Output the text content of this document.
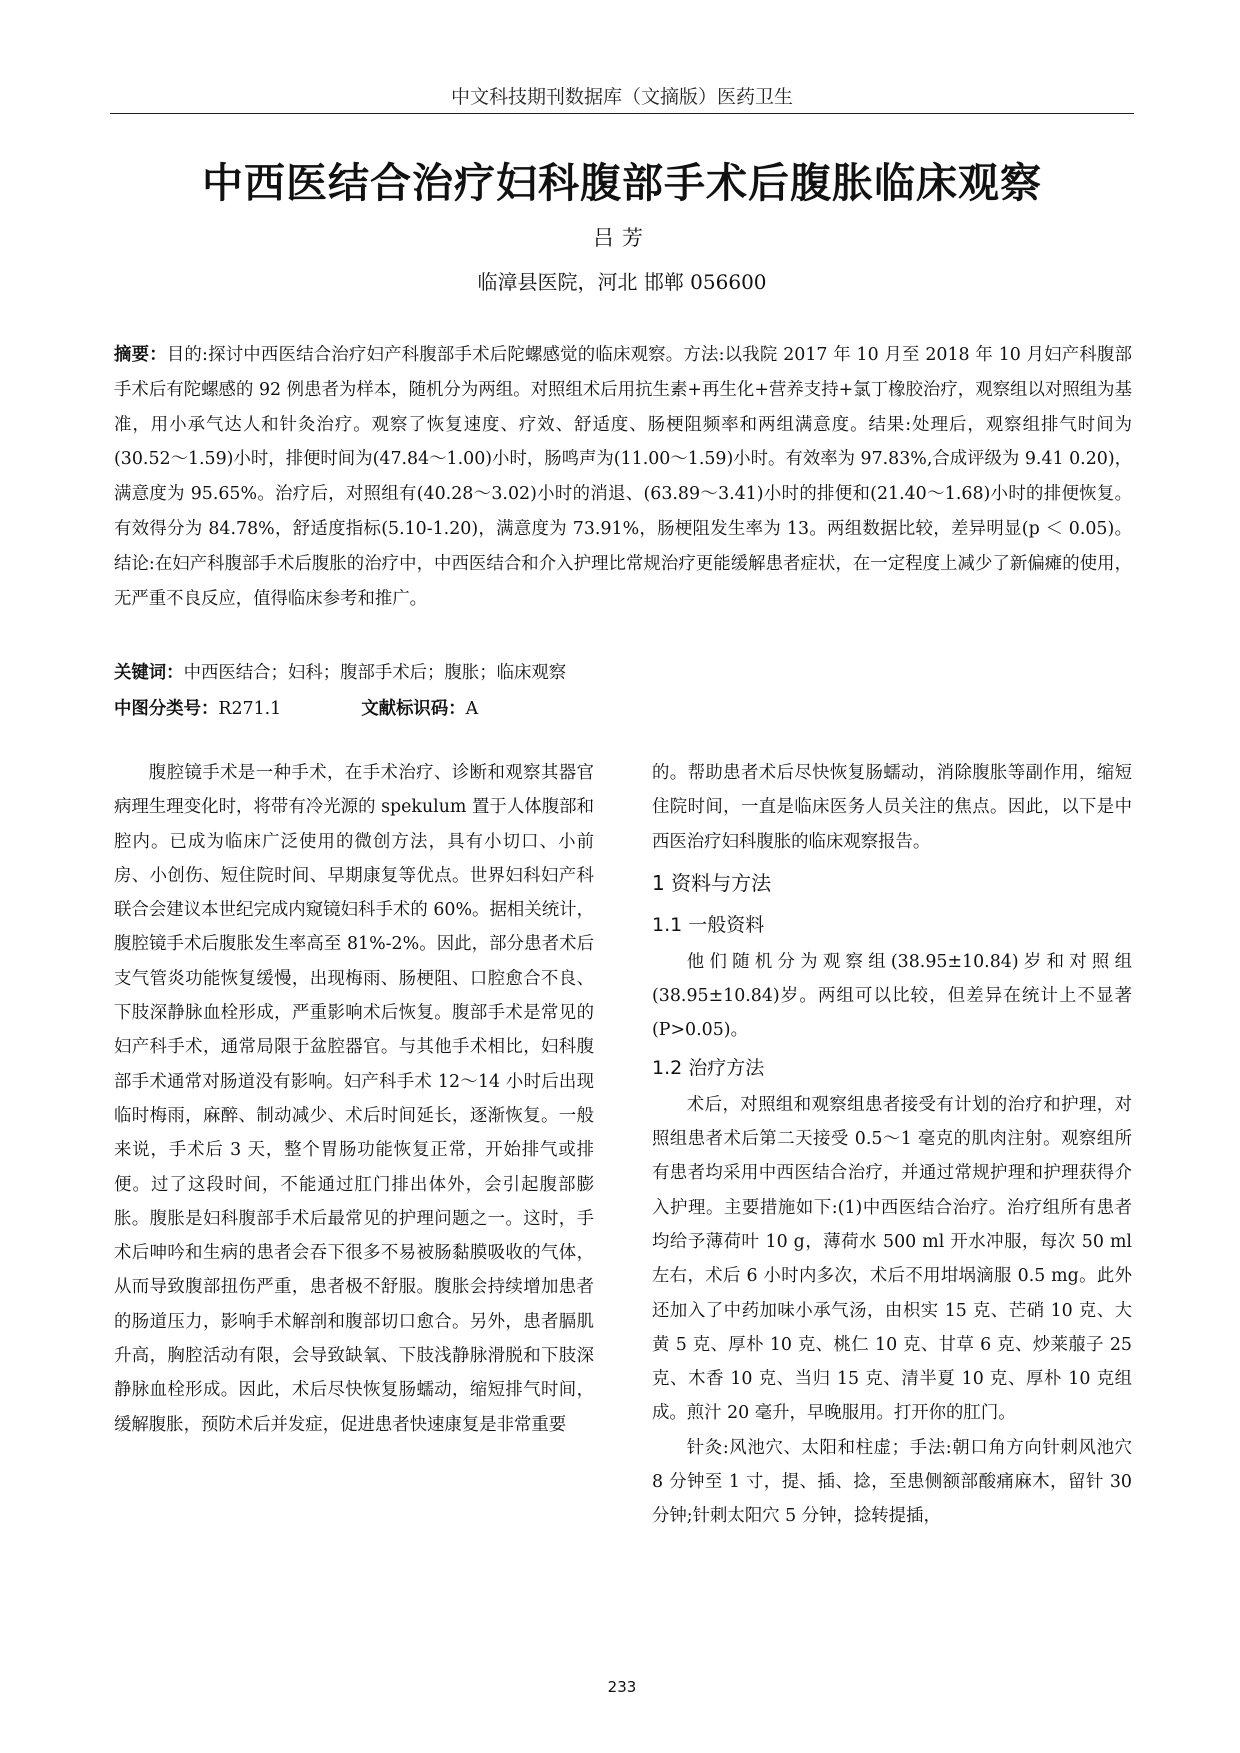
中文科技期刊数据库（文摘版）医药卫生
中西医结合治疗妇科腹部手术后腹胀临床观察
吕芳
临漳县医院，河北 邯郸 056600
摘要：目的:探讨中西医结合治疗妇产科腹部手术后陀螺感觉的临床观察。方法:以我院 2017 年 10 月至 2018 年 10 月妇产科腹部手术后有陀螺感的 92 例患者为样本，随机分为两组。对照组术后用抗生素+再生化+营养支持+氯丁橡胶治疗，观察组以对照组为基准，用小承气达人和针灸治疗。观察了恢复速度、疗效、舒适度、肠梗阻频率和两组满意度。结果:处理后，观察组排气时间为(30.52～1.59)小时，排便时间为(47.84～1.00)小时，肠鸣声为(11.00～1.59)小时。有效率为 97.83%,合成评级为 9.41 0.20)，满意度为 95.65%。治疗后，对照组有(40.28～3.02)小时的消退、(63.89～3.41)小时的排便和(21.40～1.68)小时的排便恢复。有效得分为 84.78%，舒适度指标(5.10-1.20)，满意度为 73.91%，肠梗阻发生率为 13。两组数据比较，差异明显(p ＜ 0.05)。结论:在妇产科腹部手术后腹胀的治疗中，中西医结合和介入护理比常规治疗更能缓解患者症状，在一定程度上减少了新偏瘫的使用，无严重不良反应，值得临床参考和推广。
关键词：中西医结合；妇科；腹部手术后；腹胀；临床观察
中图分类号：R271.1	文献标识码：A

腹腔镜手术是一种手术，在手术治疗、诊断和观察其器官病理生理变化时，将带有冷光源的 spekulum 置于人体腹部和腔内。已成为临床广泛使用的微创方法，具有小切口、小前房、小创伤、短住院时间、早期康复等优点。世界妇科妇产科联合会建议本世纪完成内窥镜妇科手术的 60%。据相关统计，腹腔镜手术后腹胀发生率高至 81%-2%。因此，部分患者术后支气管炎功能恢复缓慢，出现梅雨、肠梗阻、口腔愈合不良、下肢深静脉血栓形成，严重影响术后恢复。腹部手术是常见的妇产科手术，通常局限于盆腔器官。与其他手术相比，妇科腹部手术通常对肠道没有影响。妇产科手术 12～14 小时后出现临时梅雨，麻醉、制动减少、术后时间延长，逐渐恢复。一般来说，手术后 3 天，整个胃肠功能恢复正常，开始排气或排便。过了这段时间，不能通过肛门排出体外，会引起腹部膨胀。腹胀是妇科腹部手术后最常见的护理问题之一。这时，手术后呻吟和生病的患者会吞下很多不易被肠黏膜吸收的气体，从而导致腹部扭伤严重，患者极不舒服。腹胀会持续增加患者的肠道压力，影响手术解剖和腹部切口愈合。另外，患者膈肌升高，胸腔活动有限，会导致缺氧、下肢浅静脉滑脱和下肢深静脉血栓形成。因此，术后尽快恢复肠蠕动，缩短排气时间，缓解腹胀，预防术后并发症，促进患者快速康复是非常重要

的。帮助患者术后尽快恢复肠蠕动，消除腹胀等副作用，缩短住院时间，一直是临床医务人员关注的焦点。因此，以下是中西医治疗妇科腹胀的临床观察报告。

1 资料与方法
1.1 一般资料

他们随机分为观察组(38.95±10.84)岁和对照组(38.95±10.84)岁。两组可以比较，但差异在统计上不显著(P>0.05)。

1.2 治疗方法

术后，对照组和观察组患者接受有计划的治疗和护理，对照组患者术后第二天接受 0.5～1 毫克的肌肉注射。观察组所有患者均采用中西医结合治疗，并通过常规护理和护理获得介入护理。主要措施如下:(1)中西医结合治疗。治疗组所有患者均给予薄荷叶 10 g，薄荷水 500 ml 开水冲服，每次 50 ml 左右，术后 6 小时内多次，术后不用坩埚滴服 0.5 mg。此外还加入了中药加味小承气汤，由枳实 15 克、芒硝 10 克、大黄 5 克、厚朴 10 克、桃仁 10 克、甘草 6 克、炒莱菔子 25 克、木香 10 克、当归 15 克、清半夏 10 克、厚朴 10 克组成。煎汁 20 毫升，早晚服用。打开你的肛门。

针灸:风池穴、太阳和柱虚；手法:朝口角方向针刺风池穴 8 分钟至 1 寸，提、插、捻，至患侧额部酸痛麻木，留针 30 分钟;针刺太阳穴 5 分钟，捻转提插，

233
